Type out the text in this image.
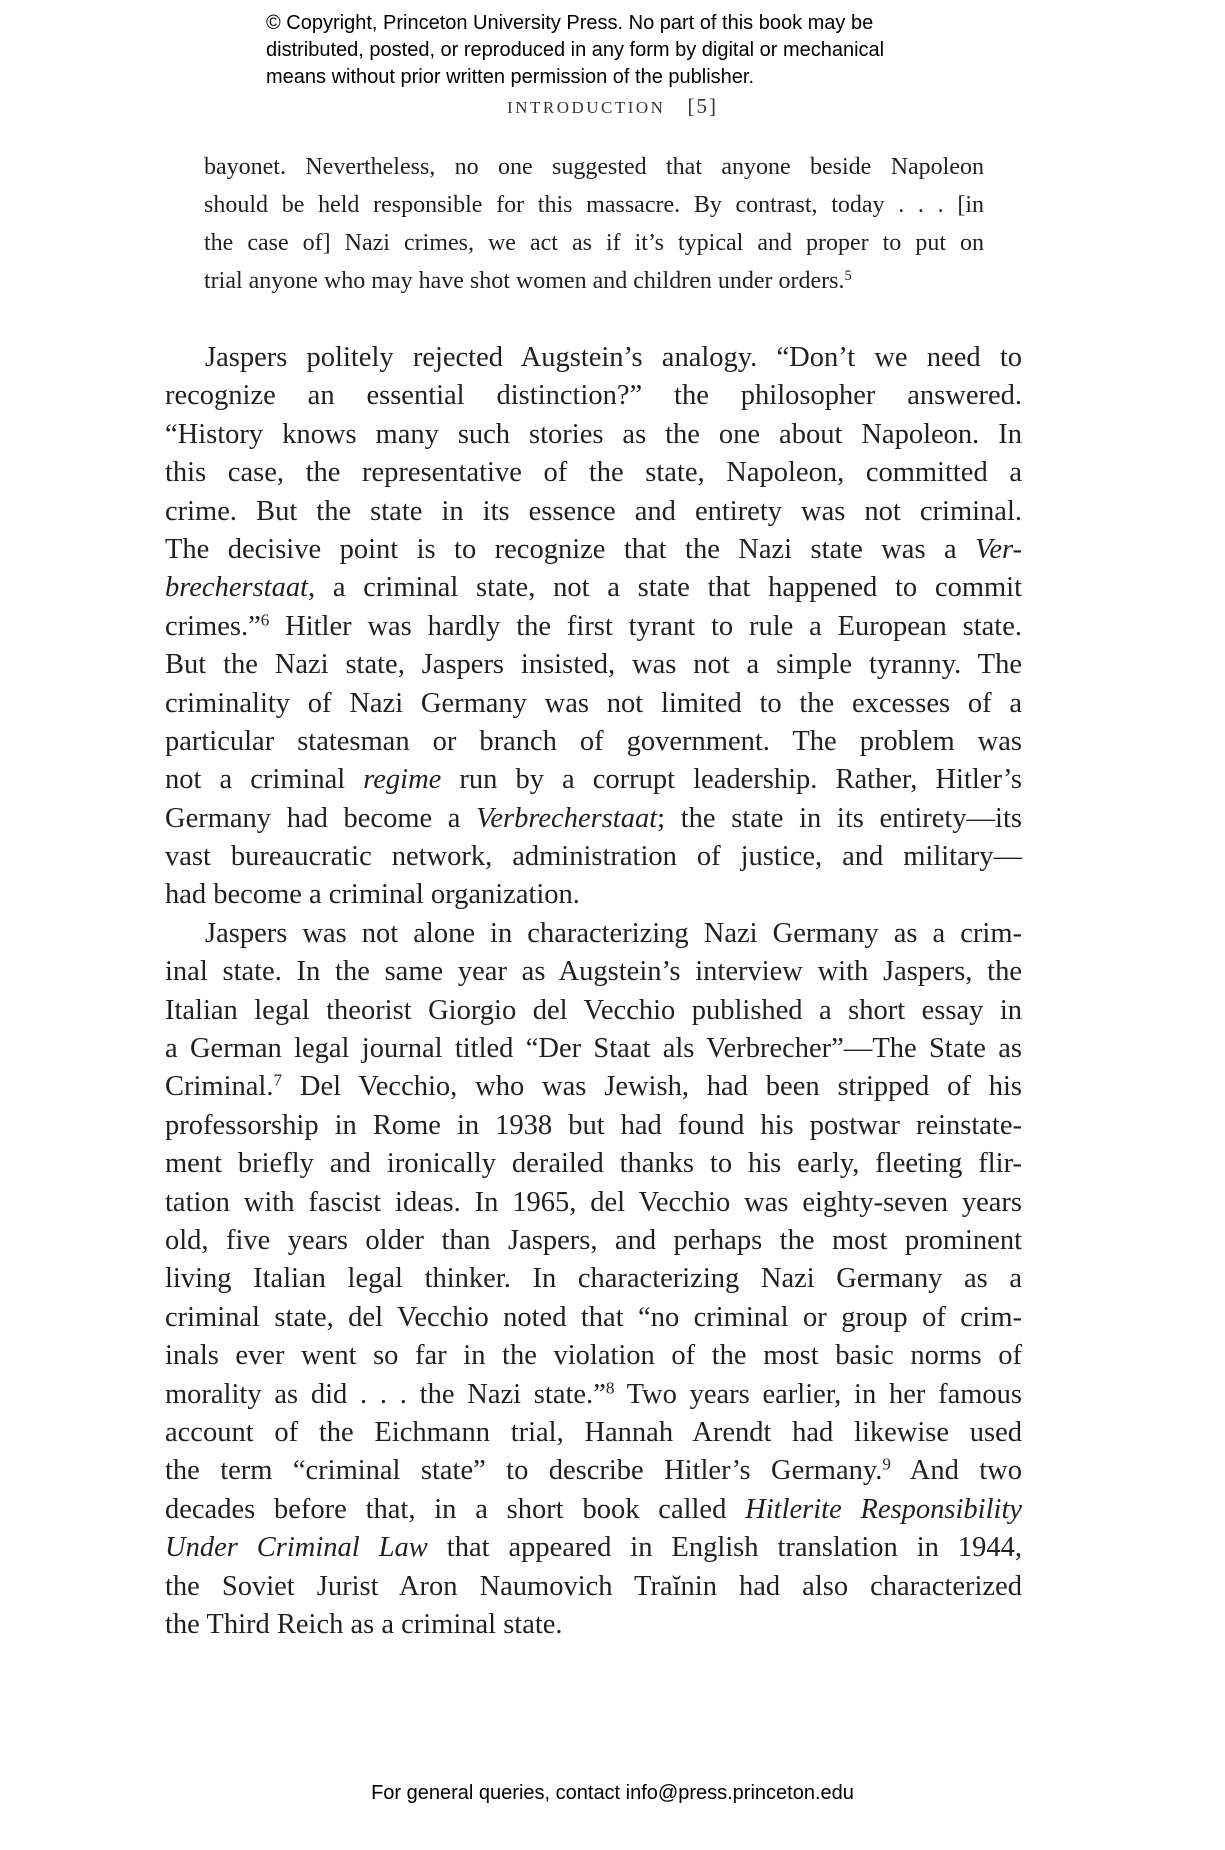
© Copyright, Princeton University Press. No part of this book may be
distributed, posted, or reproduced in any form by digital or mechanical
means without prior written permission of the publisher.
INTRODUCTION [5]
bayonet. Nevertheless, no one suggested that anyone beside Napoleon
should be held responsible for this massacre. By contrast, today . . . [in
the case of] Nazi crimes, we act as if it’s typical and proper to put on
trial anyone who may have shot women and children under orders.$^5$
Jaspers politely rejected Augstein’s analogy. “Don’t we need to
recognize an essential distinction?” the philosopher answered.
“History knows many such stories as the one about Napoleon. In
this case, the representative of the state, Napoleon, committed a
crime. But the state in its essence and entirety was not criminal.
The decisive point is to recognize that the Nazi state was a Ver-
brecherstaat, a criminal state, not a state that happened to commit
crimes.”$^6$ Hitler was hardly the first tyrant to rule a European state.
But the Nazi state, Jaspers insisted, was not a simple tyranny. The
criminality of Nazi Germany was not limited to the excesses of a
particular statesman or branch of government. The problem was
not a criminal regime run by a corrupt leadership. Rather, Hitler’s
Germany had become a Verbrecherstaat; the state in its entirety—its
vast bureaucratic network, administration of justice, and military—
had become a criminal organization.
Jaspers was not alone in characterizing Nazi Germany as a crim-
inal state. In the same year as Augstein’s interview with Jaspers, the
Italian legal theorist Giorgio del Vecchio published a short essay in
a German legal journal titled “Der Staat als Verbrecher”—The State as
Criminal.$^7$ Del Vecchio, who was Jewish, had been stripped of his
professorship in Rome in 1938 but had found his postwar reinstate-
ment briefly and ironically derailed thanks to his early, fleeting flir-
tation with fascist ideas. In 1965, del Vecchio was eighty-seven years
old, five years older than Jaspers, and perhaps the most prominent
living Italian legal thinker. In characterizing Nazi Germany as a
criminal state, del Vecchio noted that “no criminal or group of crim-
inals ever went so far in the violation of the most basic norms of
morality as did . . . the Nazi state.”$^8$ Two years earlier, in her famous
account of the Eichmann trial, Hannah Arendt had likewise used
the term “criminal state” to describe Hitler’s Germany.$^9$ And two
decades before that, in a short book called Hitlerite Responsibility
Under Criminal Law that appeared in English translation in 1944,
the Soviet Jurist Aron Naumovich Traĭnin had also characterized
the Third Reich as a criminal state.
For general queries, contact info@press.princeton.edu
